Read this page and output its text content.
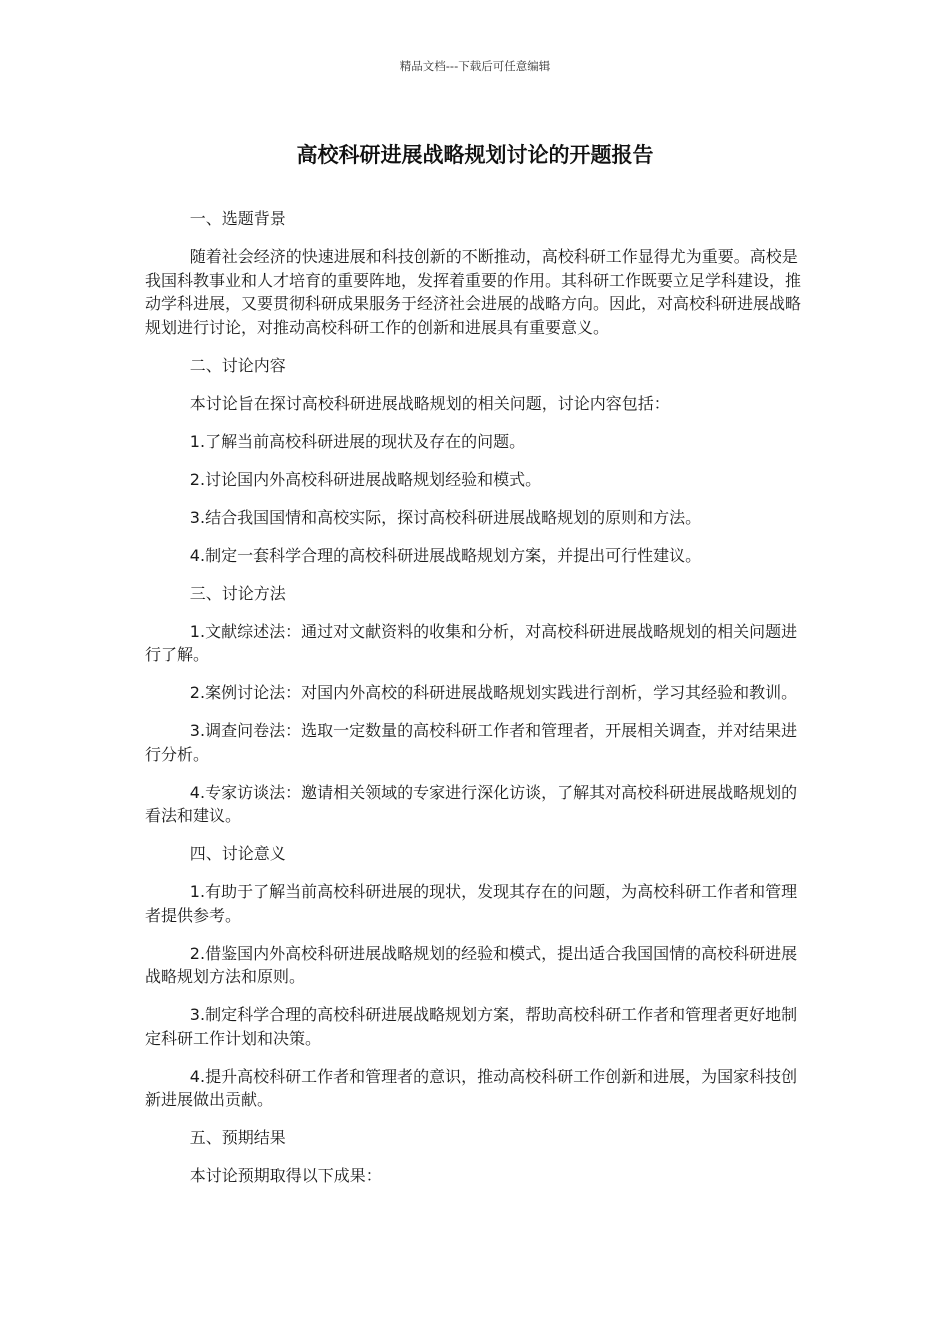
精品文档---下载后可任意编辑
高校科研进展战略规划讨论的开题报告

一、选题背景

随着社会经济的快速进展和科技创新的不断推动，高校科研工作显得尤为重要。高校是我国科教事业和人才培育的重要阵地，发挥着重要的作用。其科研工作既要立足学科建设，推动学科进展，又要贯彻科研成果服务于经济社会进展的战略方向。因此，对高校科研进展战略规划进行讨论，对推动高校科研工作的创新和进展具有重要意义。

二、讨论内容

本讨论旨在探讨高校科研进展战略规划的相关问题，讨论内容包括：

1.了解当前高校科研进展的现状及存在的问题。

2.讨论国内外高校科研进展战略规划经验和模式。

3.结合我国国情和高校实际，探讨高校科研进展战略规划的原则和方法。

4.制定一套科学合理的高校科研进展战略规划方案，并提出可行性建议。

三、讨论方法

1.文献综述法：通过对文献资料的收集和分析，对高校科研进展战略规划的相关问题进行了解。

2.案例讨论法：对国内外高校的科研进展战略规划实践进行剖析，学习其经验和教训。

3.调查问卷法：选取一定数量的高校科研工作者和管理者，开展相关调查，并对结果进行分析。

4.专家访谈法：邀请相关领域的专家进行深化访谈，了解其对高校科研进展战略规划的看法和建议。

四、讨论意义

1.有助于了解当前高校科研进展的现状，发现其存在的问题，为高校科研工作者和管理者提供参考。

2.借鉴国内外高校科研进展战略规划的经验和模式，提出适合我国国情的高校科研进展战略规划方法和原则。

3.制定科学合理的高校科研进展战略规划方案，帮助高校科研工作者和管理者更好地制定科研工作计划和决策。

4.提升高校科研工作者和管理者的意识，推动高校科研工作创新和进展，为国家科技创新进展做出贡献。

五、预期结果

本讨论预期取得以下成果：
